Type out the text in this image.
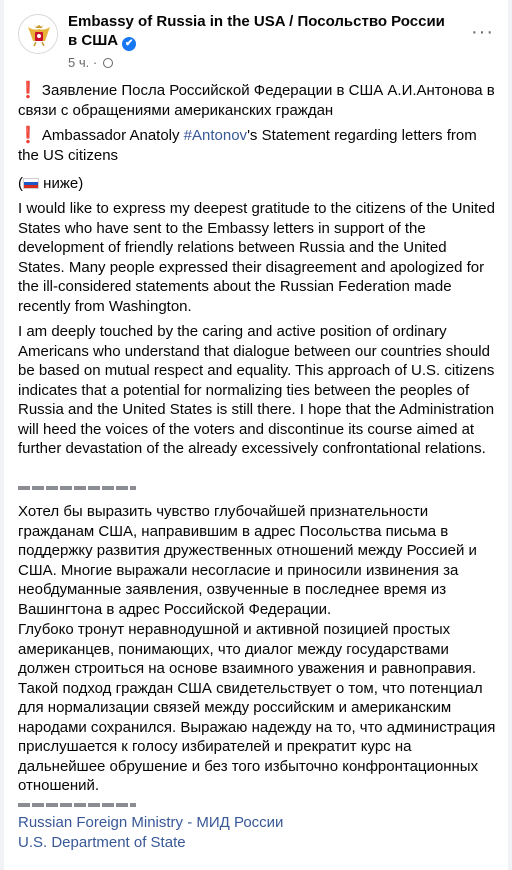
Embassy of Russia in the USA / Посольство России в США ✔
5 ч. ·
···
❗ Заявление Посла Российской Федерации в США А.И.Антонова в связи с обращениями американских граждан
❗ Ambassador Anatoly #Antonov's Statement regarding letters from the US citizens
( ниже)
I would like to express my deepest gratitude to the citizens of the United States who have sent to the Embassy letters in support of the development of friendly relations between Russia and the United States. Many people expressed their disagreement and apologized for the ill-considered statements about the Russian Federation made recently from Washington.
I am deeply touched by the caring and active position of ordinary Americans who understand that dialogue between our countries should be based on mutual respect and equality. This approach of U.S. citizens indicates that a potential for normalizing ties between the peoples of Russia and the United States is still there. I hope that the Administration will heed the voices of the voters and discontinue its course aimed at further devastation of the already excessively confrontational relations.
Хотел бы выразить чувство глубочайшей признательности гражданам США, направившим в адрес Посольства письма в поддержку развития дружественных отношений между Россией и США. Многие выражали несогласие и приносили извинения за необдуманные заявления, озвученные в последнее время из Вашингтона в адрес Российской Федерации.
Глубоко тронут неравнодушной и активной позицией простых американцев, понимающих, что диалог между государствами должен строиться на основе взаимного уважения и равноправия. Такой подход граждан США свидетельствует о том, что потенциал для нормализации связей между российским и американским народами сохранился. Выражаю надежду на то, что администрация прислушается к голосу избирателей и прекратит курс на дальнейшее обрушение и без того избыточно конфронтационных отношений.
Russian Foreign Ministry - МИД России
U.S. Department of State
